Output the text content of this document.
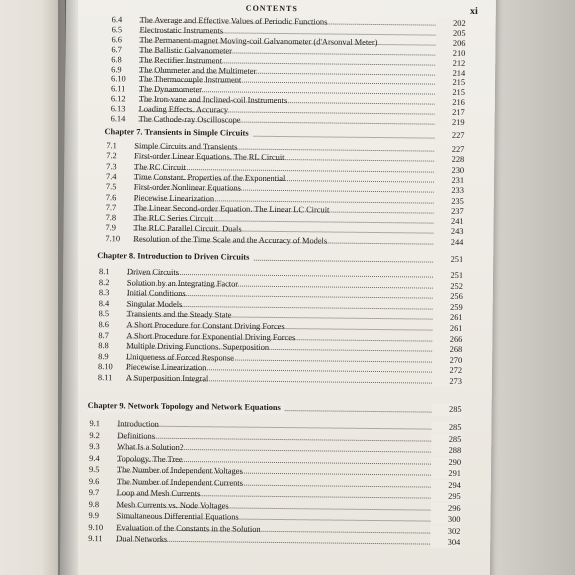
CONTENTS	xi
6.4	The Average and Effective Values of Periodic Functions	202
6.5	Electrostatic Instruments	205
6.6	The Permanent-magnet Moving-coil Galvanometer (d'Arsonval Meter)	206
6.7	The Ballistic Galvanometer	210
6.8	The Rectifier Instrument	212
6.9	The Ohmmeter and the Multimeter	214
6.10	The Thermocouple Instrument	215
6.11	The Dynamometer	215
6.12	The Iron-vane and Inclined-coil Instruments	216
6.13	Loading Effects. Accuracy	217
6.14	The Cathode-ray Oscilloscope	219
Chapter 7. Transients in Simple Circuits	227
7.1	Simple Circuits and Transients	227
7.2	First-order Linear Equations. The RL Circuit	228
7.3	The RC Circuit	230
7.4	Time Constant. Properties of the Exponential	231
7.5	First-order Nonlinear Equations	233
7.6	Piecewise Linearization	235
7.7	The Linear Second-order Equation. The Linear LC Circuit	237
7.8	The RLC Series Circuit	241
7.9	The RLC Parallel Circuit. Duals	243
7.10	Resolution of the Time Scale and the Accuracy of Models	244
Chapter 8. Introduction to Driven Circuits	251
8.1	Driven Circuits	251
8.2	Solution by an Integrating Factor	252
8.3	Initial Conditions	256
8.4	Singular Models	259
8.5	Transients and the Steady State	261
8.6	A Short Procedure for Constant Driving Forces	261
8.7	A Short Procedure for Exponential Driving Forces	266
8.8	Multiple Driving Functions. Superposition	268
8.9	Uniqueness of Forced Response	270
8.10	Piecewise Linearization	272
8.11	A Superposition Integral	273
Chapter 9. Network Topology and Network Equations	285
9.1	Introduction	285
9.2	Definitions	285
9.3	What Is a Solution?	288
9.4	Topology. The Tree	290
9.5	The Number of Independent Voltages	291
9.6	The Number of Independent Currents	294
9.7	Loop and Mesh Currents	295
9.8	Mesh Currents vs. Node Voltages	296
9.9	Simultaneous Differential Equations	300
9.10	Evaluation of the Constants in the Solution	302
9.11	Dual Networks	304
